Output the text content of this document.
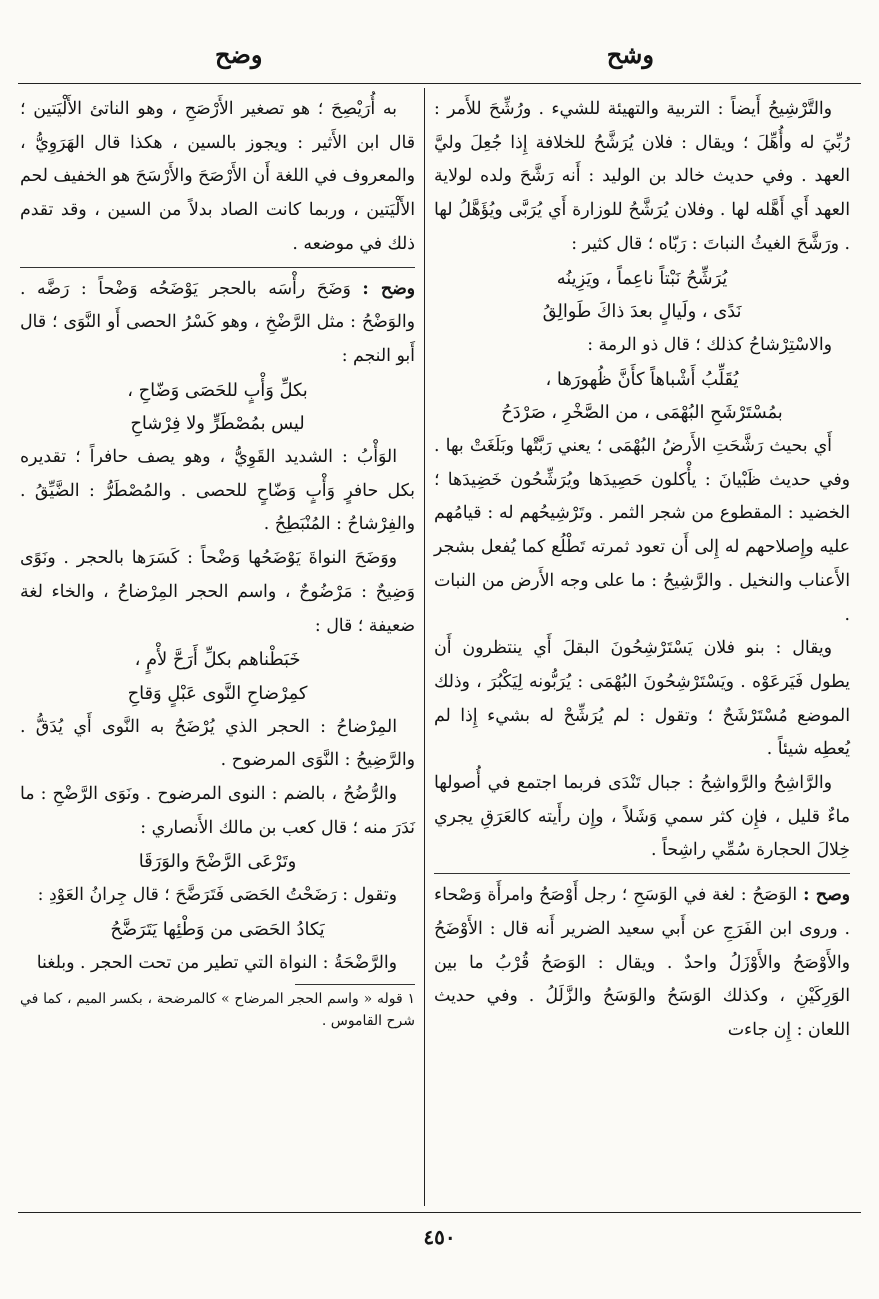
وشح
وضح

والتَّرْشِيحُ أَيضاً : التربية والتهيئة للشيء . ورُشِّحَ للأَمر : رُبِّيَ له وأُهِّلَ ؛ ويقال : فلان يُرَشَّحُ للخلافة إِذا جُعِلَ وليَّ العهد . وفي حديث خالد بن الوليد : أَنه رَشَّحَ ولده لولاية العهد أَي أَهَّله لها . وفلان يُرَشَّحُ للوزارة أَي يُرَبَّى ويُؤَهَّلُ لها . ورَشَّحَ الغيثُ النباتَ : رَبّاه ؛ قال كثير :

يُرَشِّحُ نَبْتاً ناعِماً ، ويَزِينُه

نَدًى ، ولَيالٍ بعدَ ذاكَ طَوالِقُ

والاسْتِرْشاحُ كذلك ؛ قال ذو الرمة :

يُقَلِّبُ أَشْباهاً كأَنَّ ظُهورَها ،

بمُسْتَرْشَحِ البُهْمَى ، من الصَّخْرِ ، صَرْدَحُ

أَي بحيث رَشَّحَتِ الأَرضُ البُهْمَى ؛ يعني رَبَّتْها وبَلَغَتْ بها . وفي حديث ظَبْيانَ : يأْكلون حَصِيدَها ويُرَشِّحُون خَضِيدَها ؛ الخضيد : المقطوع من شجر الثمر . وتَرْشِيحُهم له : قيامُهم عليه وإِصلاحهم له إِلى أَن تعود ثمرته تَطْلُع كما يُفعل بشجر الأَعناب والنخيل . والرَّشِيحُ : ما على وجه الأَرض من النبات .

ويقال : بنو فلان يَسْتَرْشِحُونَ البقلَ أَي ينتظرون أَن يطول فَيَرعَوْه . ويَسْتَرْشِحُونَ البُهْمَى : يُرَبُّونه لِيَكْبُرَ ، وذلك الموضع مُسْتَرْشَحٌ ؛ وتقول : لم يُرَشِّحْ له بشيء إِذا لم يُعطِه شيئاً .

والرَّاشِحُ والرَّواشِحُ : جبال تَنْدَى فربما اجتمع في أُصولها ماءٌ قليل ، فإِن كثر سمي وَشَلاً ، وإِن رأَيته كالعَرَقِ يجري خِلالَ الحجارة سُمِّي راشِحاً .

وصح : الوَصَحُ : لغة في الوَسَحِ ؛ رجل أَوْصَحُ وامرأَة وَصْحاء . وروى ابن الفَرَجِ عن أَبي سعيد الضرير أَنه قال : الأَوْضَحُ والأَوْصَحُ والأَوْزَلُ واحدٌ . ويقال : الوَصَحُ قُرْبُ ما بين الوَرِكَيْنِ ، وكذلك الوَسَحُ والوَسَحُ والزَّلَلُ . وفي حديث اللعان : إِن جاءت

به أُرَيْصِحَ ؛ هو تصغير الأَرْصَحِ ، وهو الناتئ الأَلْيَتين ؛ قال ابن الأَثير : ويجوز بالسين ، هكذا قال الهَرَوِيُّ ، والمعروف في اللغة أَن الأَرْصَحَ والأَرْسَحَ هو الخفيف لحم الأَلْيَتين ، وربما كانت الصاد بدلاً من السين ، وقد تقدم ذلك في موضعه .

وضح : وَضَحَ رأْسَه بالحجر يَوْضَحُه وَضْحاً : رَضَّه . والوَضْحُ : مثل الرَّضْخِ ، وهو كَسْرُ الحصى أَو النَّوَى ؛ قال أَبو النجم :

بكلِّ وَأْبٍ للحَصَى وَضّاحِ ،

ليس بمُصْطَرٍّ ولا فِرْشاحِ

الوَأْبُ : الشديد القَوِيُّ ، وهو يصف حافراً ؛ تقديره بكل حافرٍ وَأْبٍ وَضّاحٍ للحصى . والمُصْطَرُّ : الضَّيِّقُ . والفِرْشاحُ : المُنْبَطِحُ .

ووَضَحَ النواةَ يَوْضَحُها وَضْحاً : كَسَرَها بالحجر . ونَوًى وَضِيحٌ : مَرْضُوحٌ ، واسم الحجر المِرْضاحُ ، والخاء لغة ضعيفة ؛ قال :

خَبَطْناهم بكلِّ أَرَحَّ لأْمٍ ،

كمِرْضاحِ النَّوى عَبْلٍ وَقاحِ

المِرْضاحُ : الحجر الذي يُرْضَحُ به النَّوى أَي يُدَقُّ . والرَّضِيحُ : النَّوَى المرضوح .

والرُّضُحُ ، بالضم : النوى المرضوح . ونَوَى الرَّضْحِ : ما نَدَرَ منه ؛ قال كعب بن مالك الأَنصاري :

وتَرْعَى الرَّضْحَ والوَرَقَا

وتقول : رَضَحْتُ الحَصَى فَتَرَضَّحَ ؛ قال جِرانُ العَوْدِ :

يَكادُ الحَصَى من وَطْئِها يَتَرَضَّحُ

والرَّضْحَةُ : النواة التي تطير من تحت الحجر . وبلغنا

١ قوله « واسم الحجر المرضاح » كالمرضحة ، بكسر الميم ، كما في شرح القاموس .

٤٥٠
